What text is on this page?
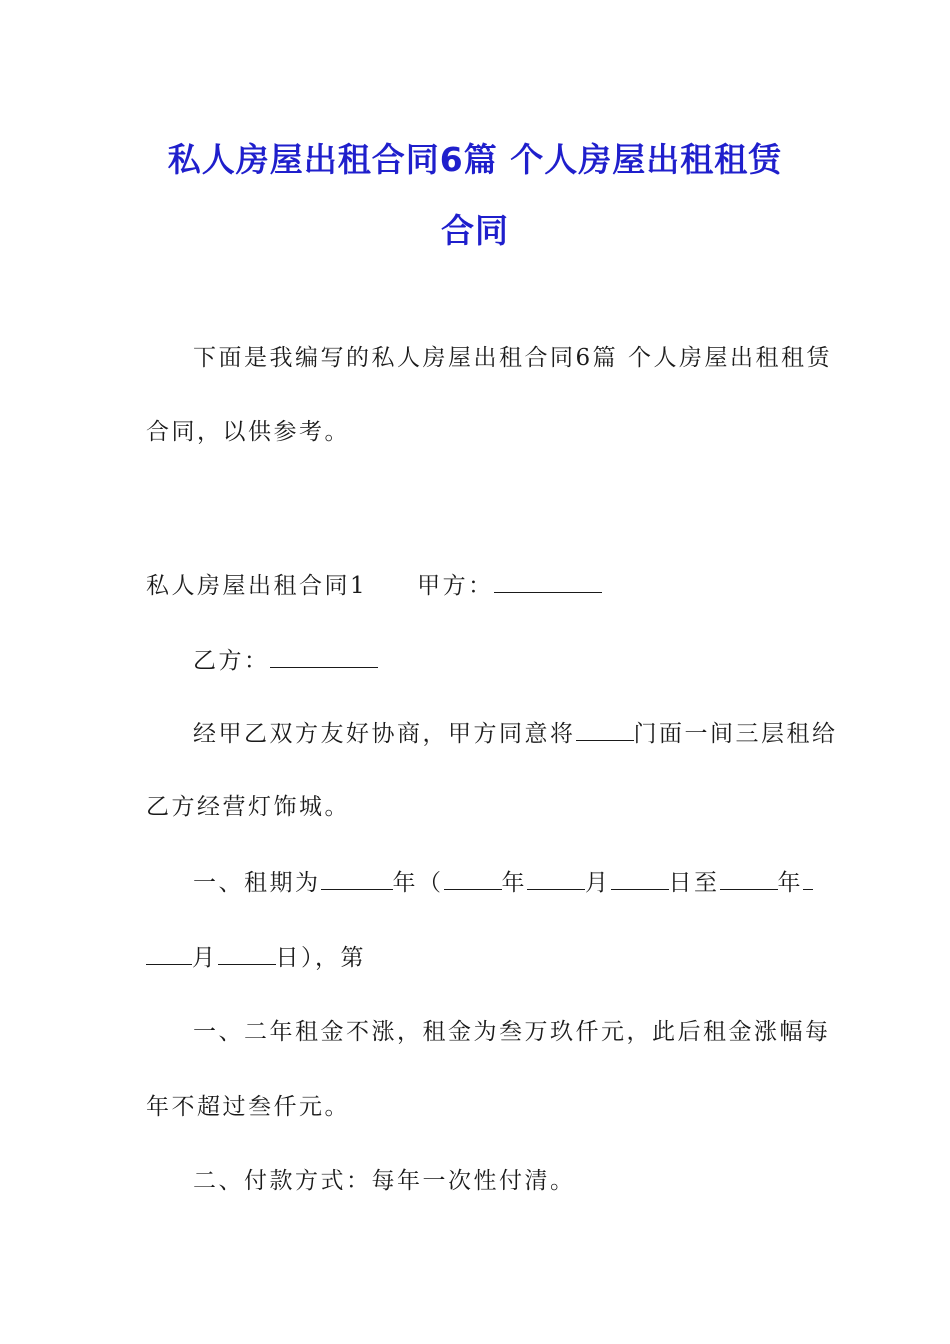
私人房屋出租合同6篇 个人房屋出租租赁
合同
下面是我编写的私人房屋出租合同6篇 个人房屋出租租赁
合同，以供参考。
私人房屋出租合同1 甲方：
乙方：
经甲乙双方友好协商，甲方同意将	门面一间三层租给
乙方经营灯饰城。
一、租期为	年（	年	月	日至	年
月	日），第
一、二年租金不涨，租金为叁万玖仟元，此后租金涨幅每
年不超过叁仟元。
二、付款方式：每年一次性付清。
